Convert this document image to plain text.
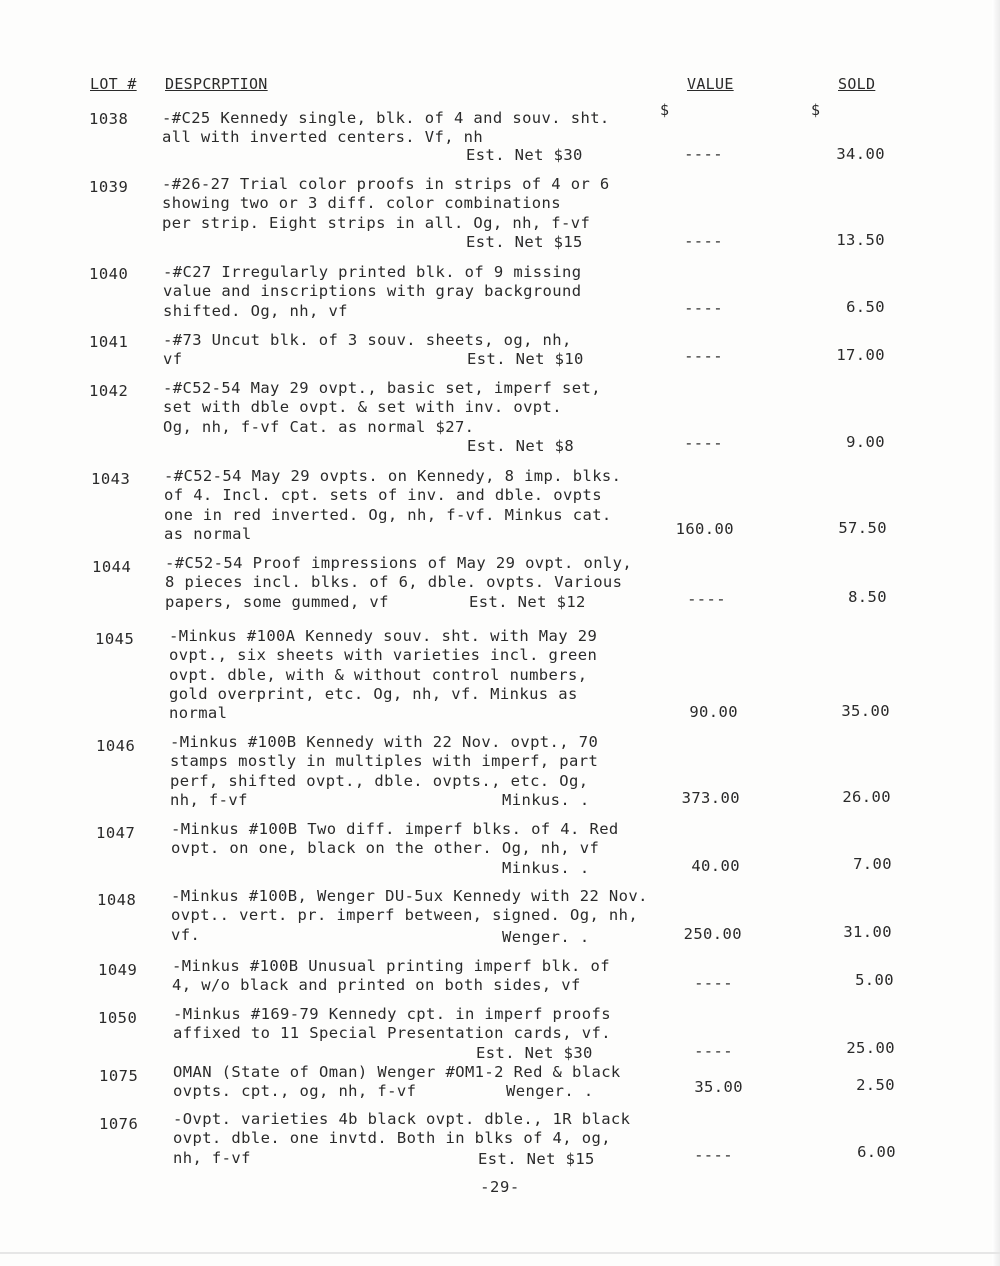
LOT # DESPCRPTION	VALUE	SOLD
$	$
1038 -#C25 Kennedy single, blk. of 4 and souv. sht.
all with inverted centers. Vf, nh
Est. Net $30	----	34.00
1039 -#26-27 Trial color proofs in strips of 4 or 6
showing two or 3 diff. color combinations
per strip. Eight strips in all. Og, nh, f-vf
Est. Net $15	----	13.50
1040 -#C27 Irregularly printed blk. of 9 missing
value and inscriptions with gray background
shifted. Og, nh, vf	----	6.50
1041 -#73 Uncut blk. of 3 souv. sheets, og, nh,
vf	Est. Net $10	----	17.00
1042 -#C52-54 May 29 ovpt., basic set, imperf set,
set with dble ovpt. & set with inv. ovpt.
Og, nh, f-vf Cat. as normal $27.
Est. Net $8	----	9.00
1043 -#C52-54 May 29 ovpts. on Kennedy, 8 imp. blks.
of 4. Incl. cpt. sets of inv. and dble. ovpts
one in red inverted. Og, nh, f-vf. Minkus cat.
as normal	160.00	57.50
1044 -#C52-54 Proof impressions of May 29 ovpt. only,
8 pieces incl. blks. of 6, dble. ovpts. Various
papers, some gummed, vf	Est. Net $12	----	8.50
1045 -Minkus #100A Kennedy souv. sht. with May 29
ovpt., six sheets with varieties incl. green
ovpt. dble, with & without control numbers,
gold overprint, etc. Og, nh, vf. Minkus as
normal	90.00	35.00
1046 -Minkus #100B Kennedy with 22 Nov. ovpt., 70
stamps mostly in multiples with imperf, part
perf, shifted ovpt., dble. ovpts., etc. Og,
nh, f-vf	Minkus. .	373.00	26.00
1047 -Minkus #100B Two diff. imperf blks. of 4. Red
ovpt. on one, black on the other. Og, nh, vf
Minkus. .	40.00	7.00
1048 -Minkus #100B, Wenger DU-5ux Kennedy with 22 Nov.
ovpt.. vert. pr. imperf between, signed. Og, nh,
vf.	Wenger. .	250.00	31.00
1049 -Minkus #100B Unusual printing imperf blk. of
4, w/o black and printed on both sides, vf	----	5.00
1050 -Minkus #169-79 Kennedy cpt. in imperf proofs
affixed to 11 Special Presentation cards, vf.
Est. Net $30	----	25.00
1075 OMAN (State of Oman) Wenger #OM1-2 Red & black
ovpts. cpt., og, nh, f-vf	Wenger. .	35.00	2.50
1076 -Ovpt. varieties 4b black ovpt. dble., 1R black
ovpt. dble. one invtd. Both in blks of 4, og,
nh, f-vf	Est. Net $15	----	6.00
-29-
